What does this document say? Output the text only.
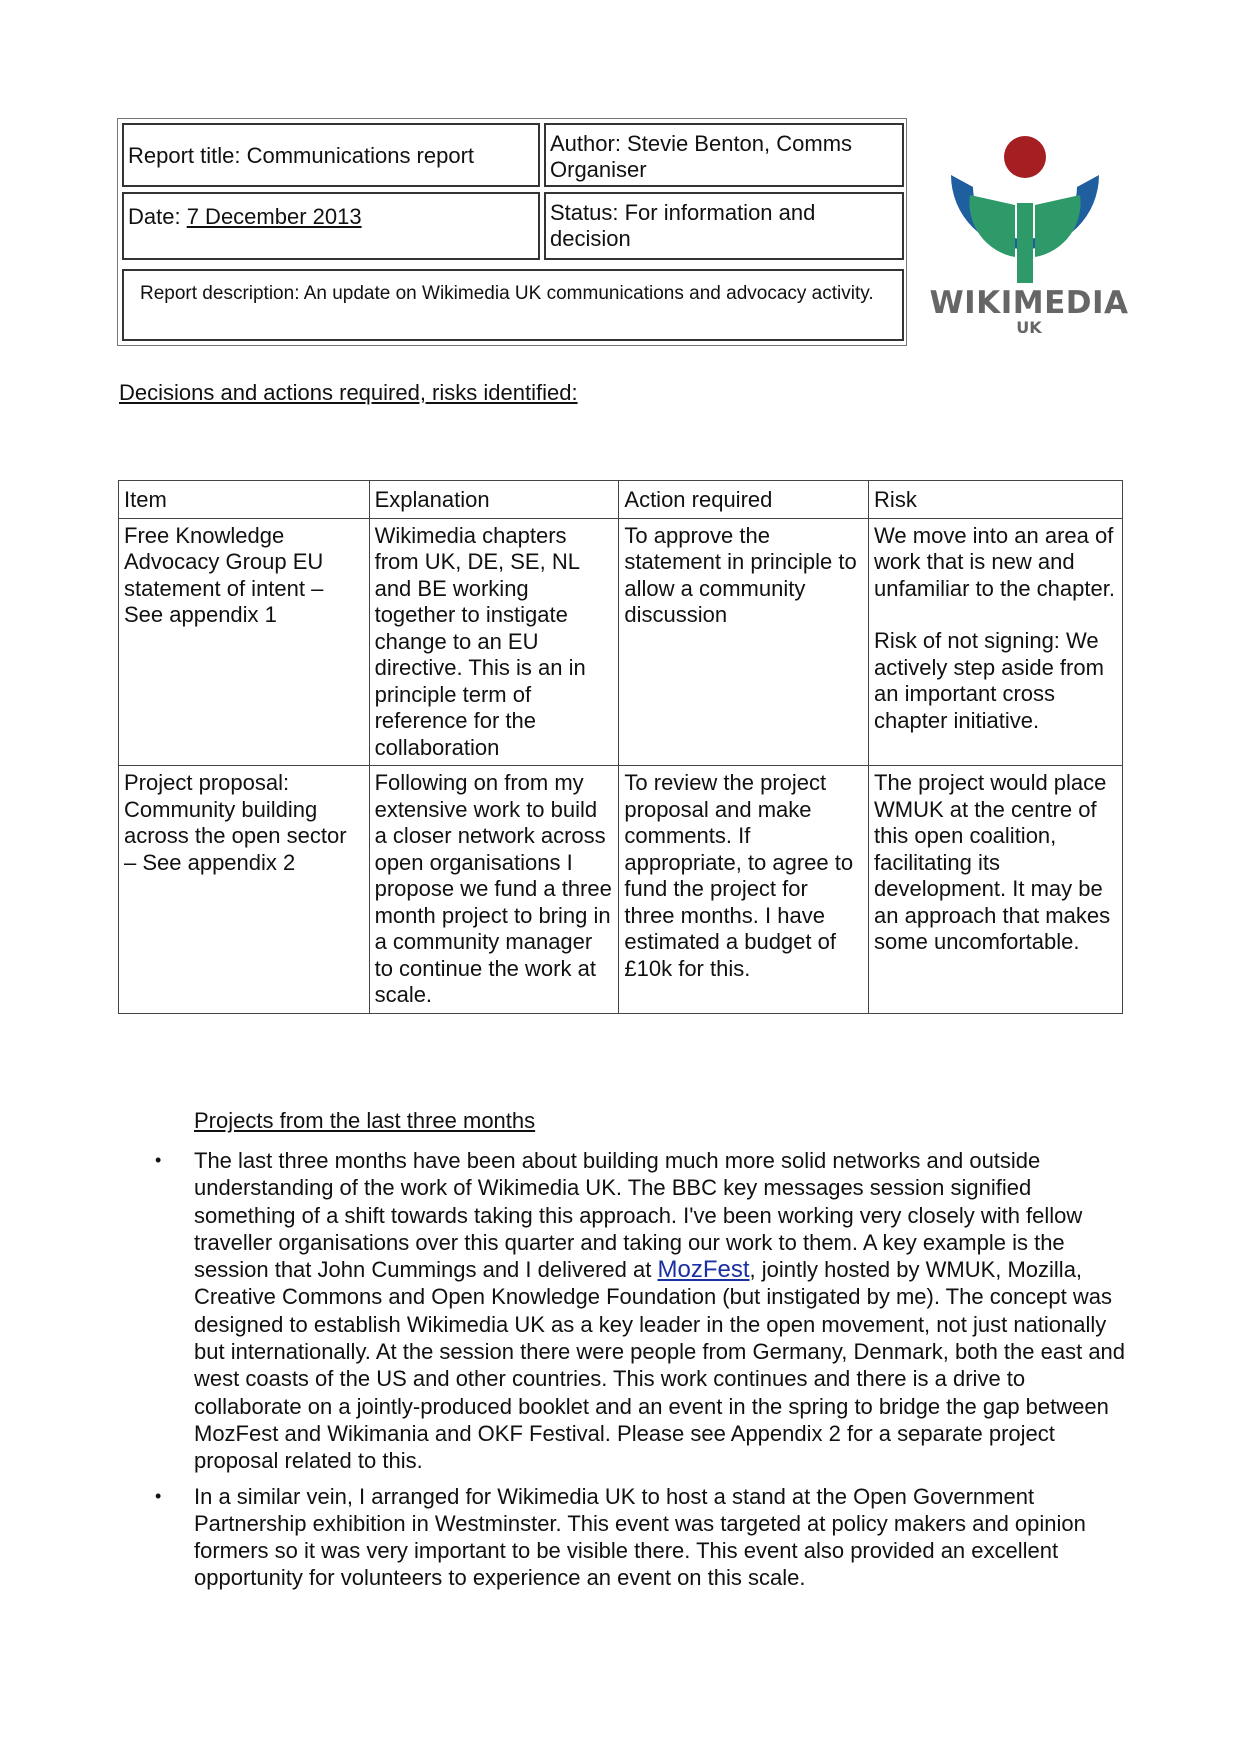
Report title: Communications report	Author: Stevie Benton, Comms Organiser
Date: 7 December 2013	Status: For information and decision
Report description: An update on Wikimedia UK communications and advocacy activity.	WIKIMEDIA
UK
Decisions and actions required, risks identified:
Item	Explanation	Action required	Risk
Free Knowledge Advocacy Group EU statement of intent – See appendix 1	Wikimedia chapters from UK, DE, SE, NL and BE working together to instigate change to an EU directive. This is an in principle term of reference for the collaboration	To approve the statement in principle to allow a community discussion	We move into an area of work that is new and unfamiliar to the chapter.
Risk of not signing: We actively step aside from an important cross chapter initiative.

Project proposal: Community building across the open sector – See appendix 2	Following on from my extensive work to build a closer network across open organisations I propose we fund a three month project to bring in a community manager to continue the work at scale.	To review the project proposal and make comments. If appropriate, to agree to fund the project for three months. I have estimated a budget of £10k for this.	The project would place WMUK at the centre of this open coalition, facilitating its development. It may be an approach that makes some uncomfortable.
Projects from the last three months
• The last three months have been about building much more solid networks and outside understanding of the work of Wikimedia UK. The BBC key messages session signified something of a shift towards taking this approach. I've been working very closely with fellow traveller organisations over this quarter and taking our work to them. A key example is the session that John Cummings and I delivered at MozFest, jointly hosted by WMUK, Mozilla, Creative Commons and Open Knowledge Foundation (but instigated by me). The concept was designed to establish Wikimedia UK as a key leader in the open movement, not just nationally but internationally. At the session there were people from Germany, Denmark, both the east and west coasts of the US and other countries. This work continues and there is a drive to collaborate on a jointly-produced booklet and an event in the spring to bridge the gap between MozFest and Wikimania and OKF Festival. Please see Appendix 2 for a separate project proposal related to this.
• In a similar vein, I arranged for Wikimedia UK to host a stand at the Open Government Partnership exhibition in Westminster. This event was targeted at policy makers and opinion formers so it was very important to be visible there. This event also provided an excellent opportunity for volunteers to experience an event on this scale.
